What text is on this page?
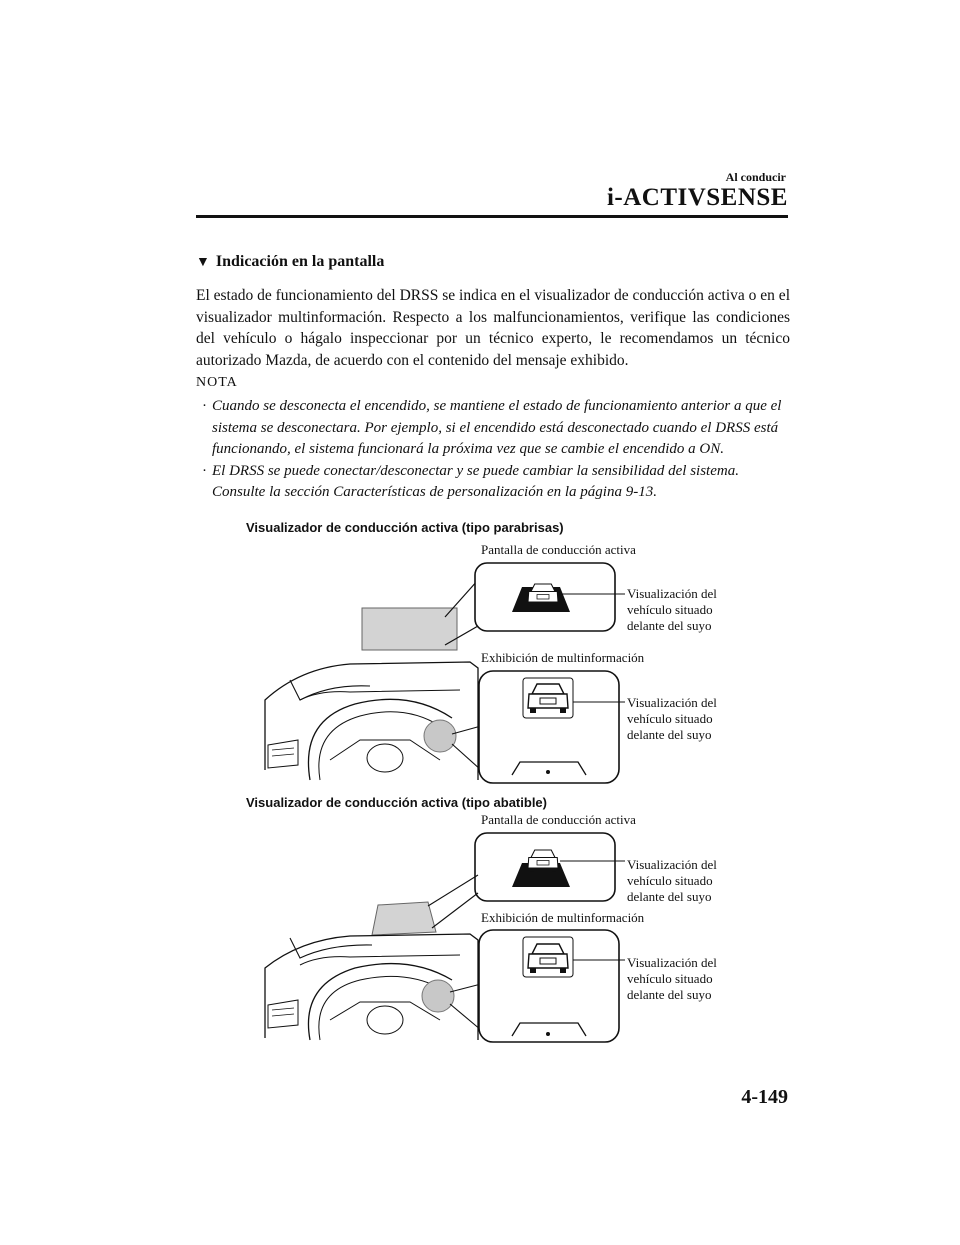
Al conducir
i-ACTIVSENSE
▼ Indicación en la pantalla
El estado de funcionamiento del DRSS se indica en el visualizador de conducción activa o en el visualizador multinformación. Respecto a los malfuncionamientos, verifique las condiciones del vehículo o hágalo inspeccionar por un técnico experto, le recomendamos un técnico autorizado Mazda, de acuerdo con el contenido del mensaje exhibido.
NOTA
· Cuando se desconecta el encendido, se mantiene el estado de funcionamiento anterior a que el sistema se desconectara. Por ejemplo, si el encendido está desconectado cuando el DRSS está funcionando, el sistema funcionará la próxima vez que se cambie el encendido a ON.
· El DRSS se puede conectar/desconectar y se puede cambiar la sensibilidad del sistema. Consulte la sección Características de personalización en la página 9-13.
Visualizador de conducción activa (tipo parabrisas)
Pantalla de conducción activa
Visualización del
vehículo situado
delante del suyo
Exhibición de multinformación
Visualización del
vehículo situado
delante del suyo
Visualizador de conducción activa (tipo abatible)
Pantalla de conducción activa
Visualización del
vehículo situado
delante del suyo
Exhibición de multinformación
Visualización del
vehículo situado
delante del suyo
4-149
